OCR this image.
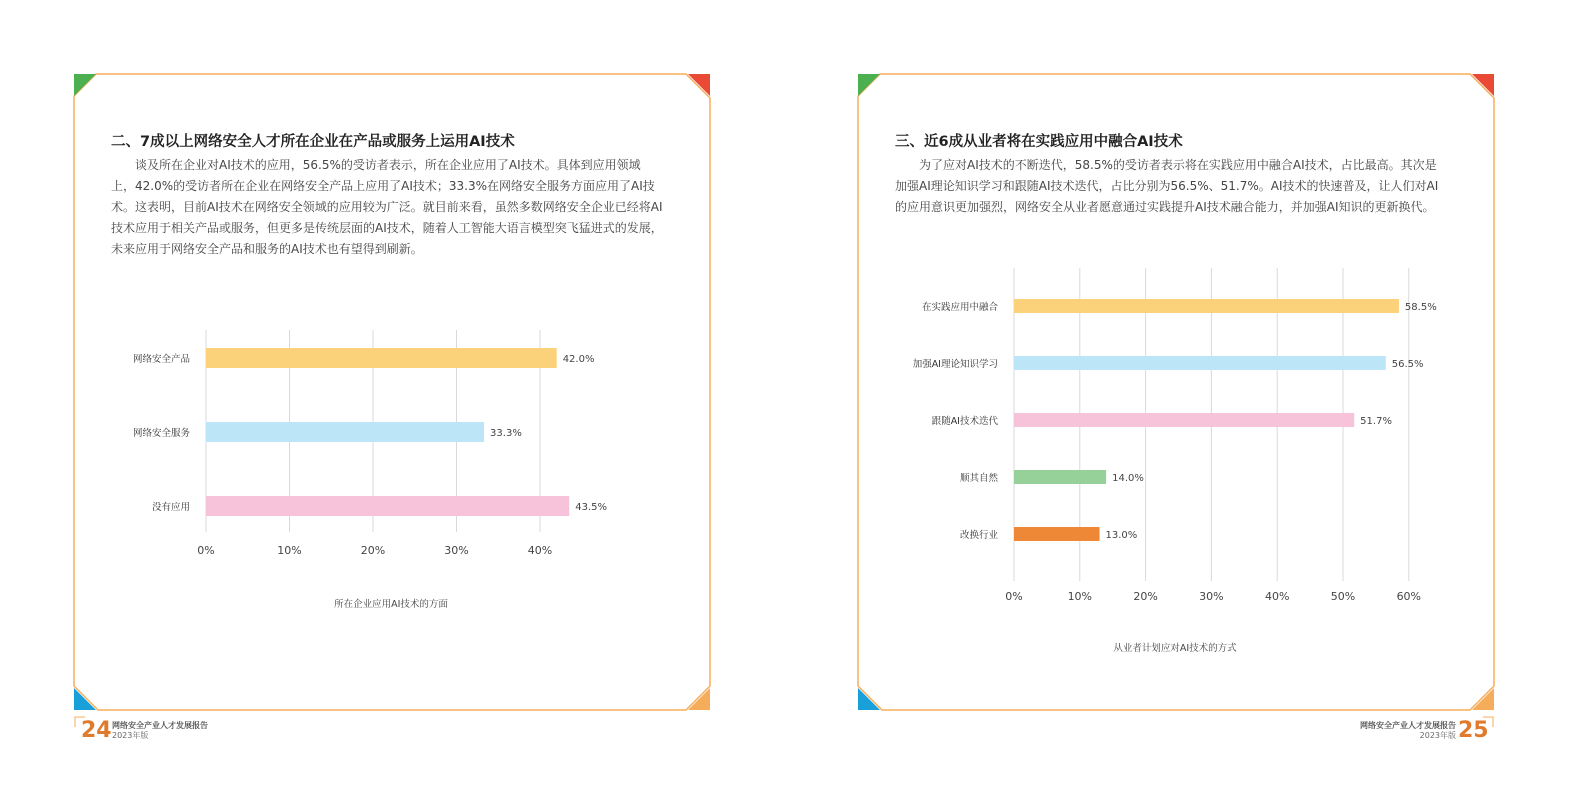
二、7成以上网络安全人才所在企业在产品或服务上运用AI技术

谈及所在企业对AI技术的应用，56.5%的受访者表示，所在企业应用了AI技术。具体到应用领域

上，42.0%的受访者所在企业在网络安全产品上应用了AI技术；33.3%在网络安全服务方面应用了AI技

术。这表明，目前AI技术在网络安全领域的应用较为广泛。就目前来看，虽然多数网络安全企业已经将AI

技术应用于相关产品或服务，但更多是传统层面的AI技术，随着人工智能大语言模型突飞猛进式的发展，

未来应用于网络安全产品和服务的AI技术也有望得到刷新。

0%	10%	20%	30%	40%
网络安全产品	42.0%
网络安全服务	33.3%
没有应用	43.5%
所在企业应用AI技术的方面
24 网络安全产业人才发展报告
2023年版
三、近6成从业者将在实践应用中融合AI技术

为了应对AI技术的不断迭代，58.5%的受访者表示将在实践应用中融合AI技术，占比最高。其次是

加强AI理论知识学习和跟随AI技术迭代，占比分别为56.5%、51.7%。AI技术的快速普及，让人们对AI

的应用意识更加强烈，网络安全从业者愿意通过实践提升AI技术融合能力，并加强AI知识的更新换代。

0%	10%	20%	30%	40%	50%	60%
在实践应用中融合	58.5%
加强AI理论知识学习	56.5%
跟随AI技术迭代	51.7%
顺其自然	14.0%
改换行业	13.0%
从业者计划应对AI技术的方式
网络安全产业人才发展报告
2023年版 25
